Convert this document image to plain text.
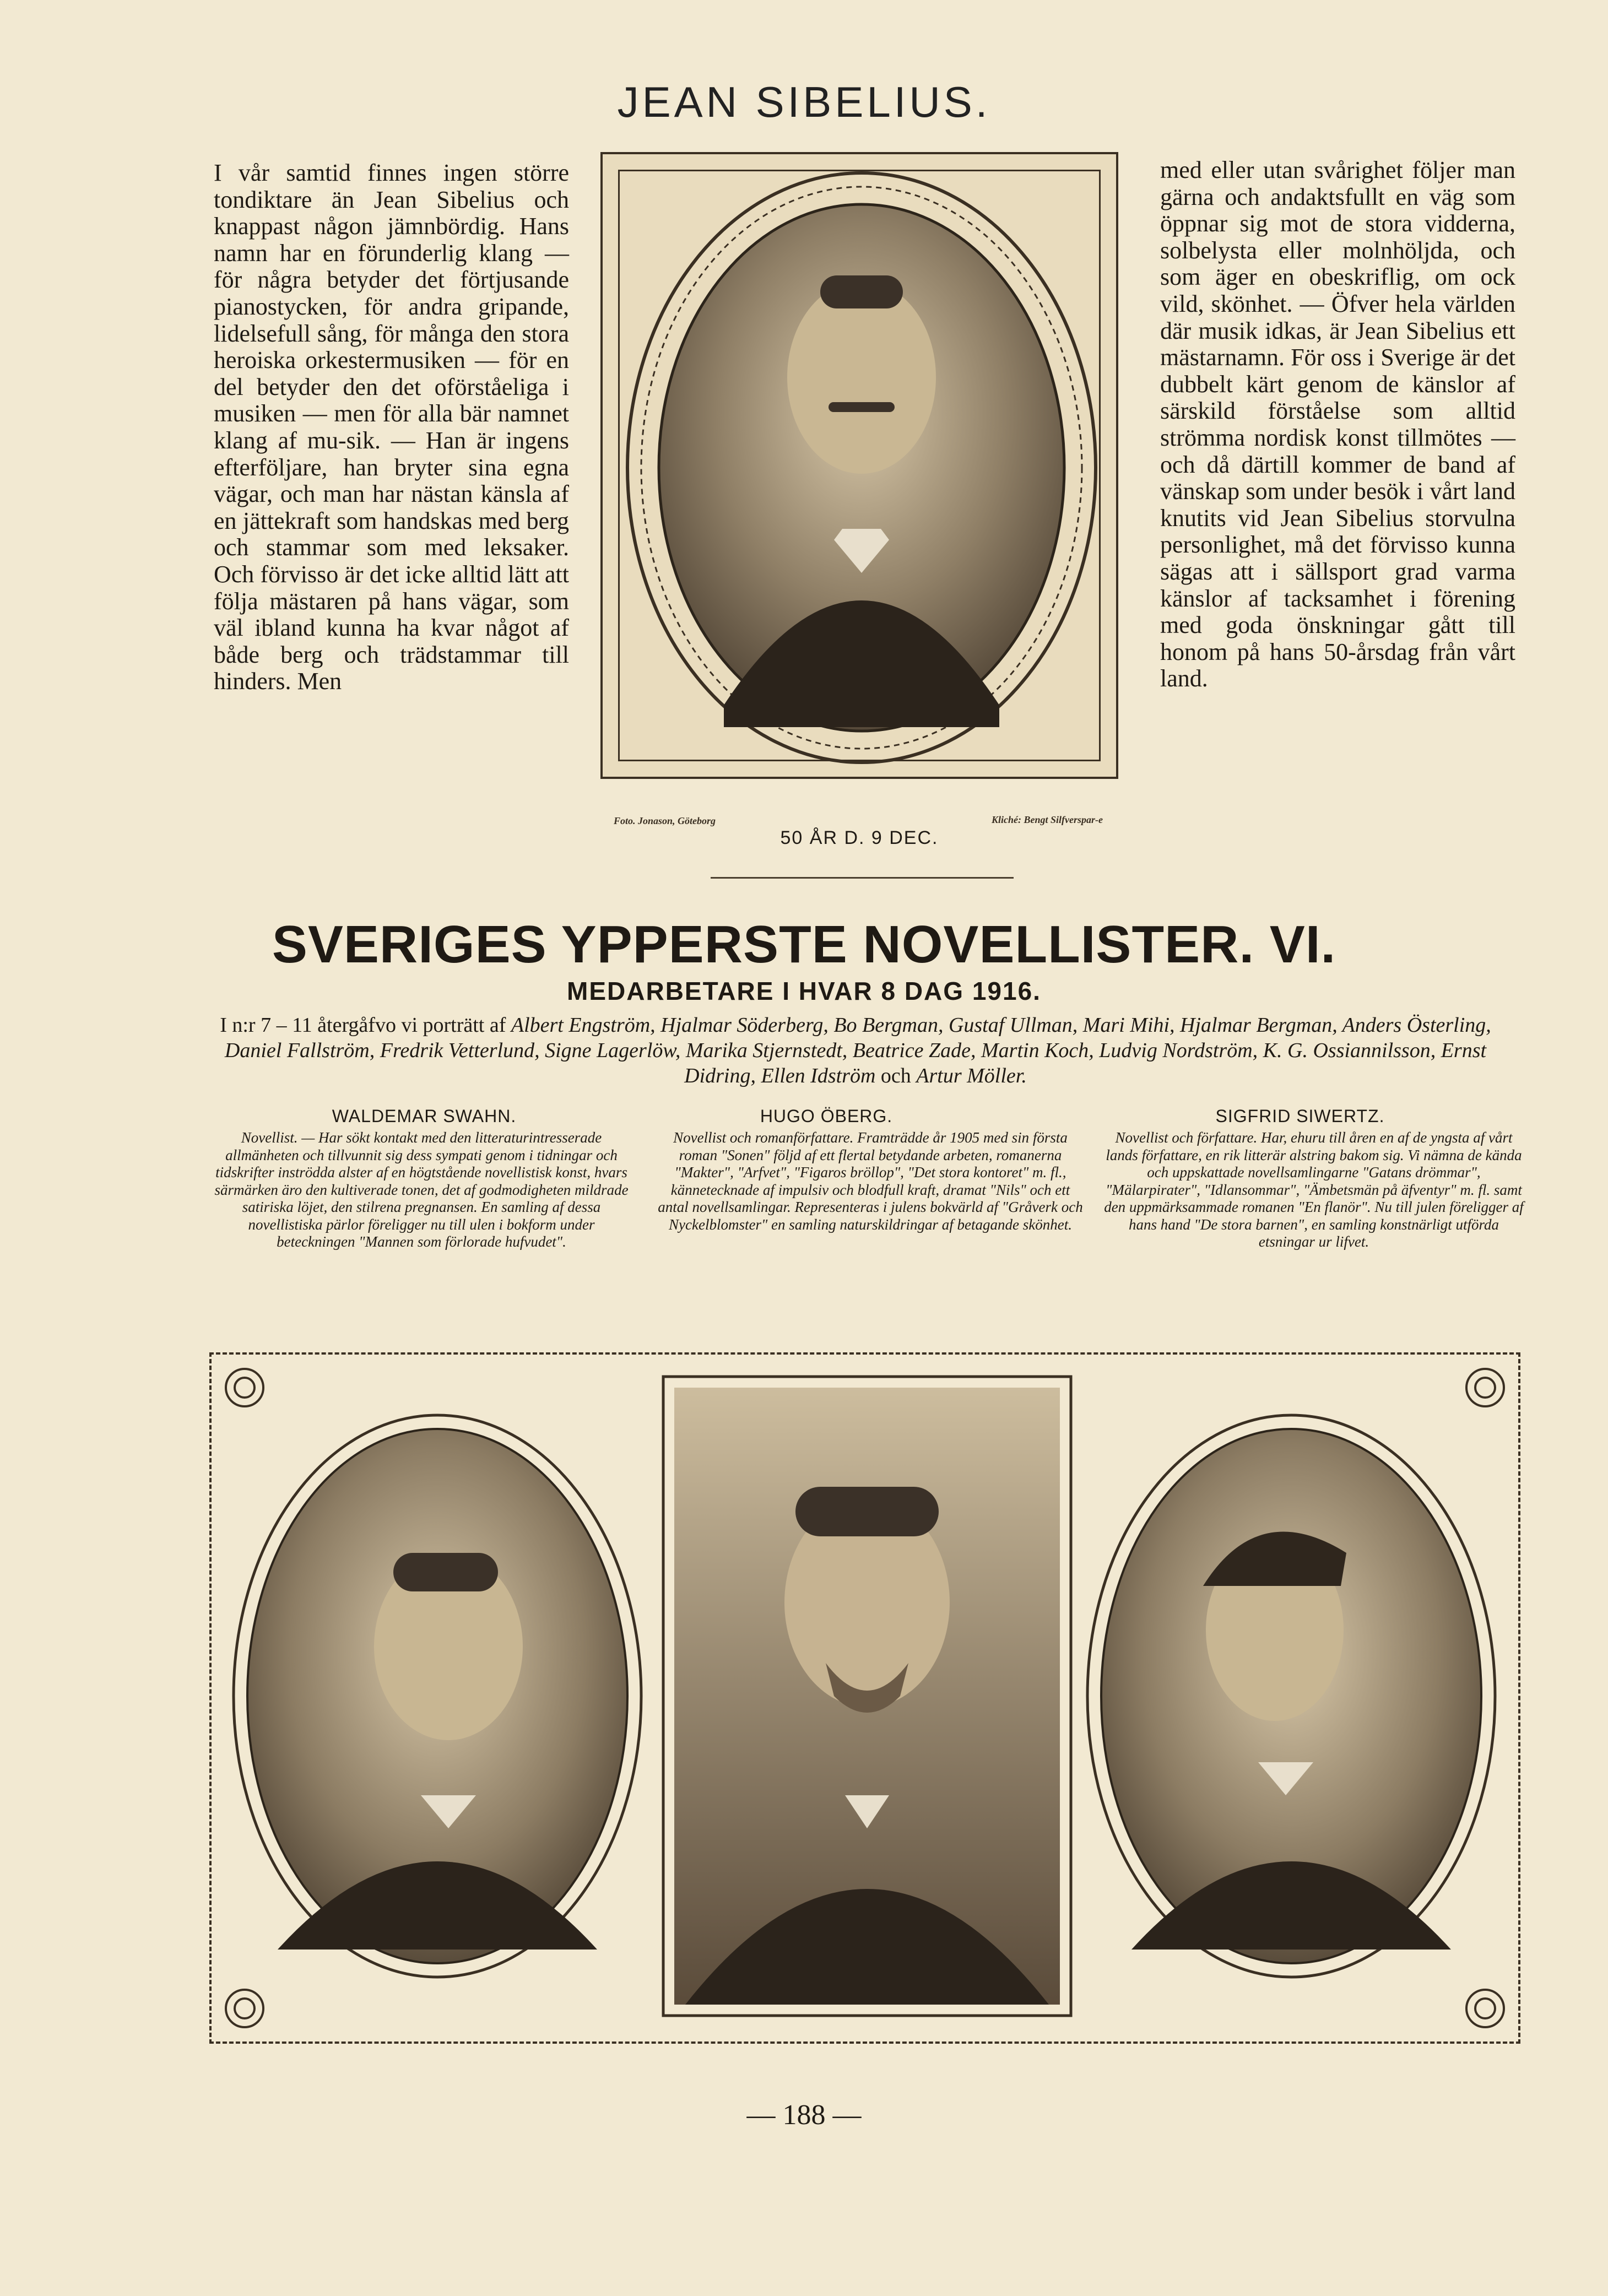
JEAN SIBELIUS.
I vår samtid finnes ingen större tondiktare än Jean Sibelius och knappast någon jämnbördig. Hans namn har en förunderlig klang — för några betyder det förtjusande pianostycken, för andra gripande, lidelsefull sång, för många den stora heroiska orkestermusiken — för en del betyder den det oförståeliga i musiken — men för alla bär namnet klang af mu-sik. — Han är ingens efterföljare, han bryter sina egna vägar, och man har nästan känsla af en jättekraft som handskas med berg och stammar som med leksaker. Och förvisso är det icke alltid lätt att följa mästaren på hans vägar, som väl ibland kunna ha kvar något af både berg och trädstammar till hinders. Men
med eller utan svårighet följer man gärna och andaktsfullt en väg som öppnar sig mot de stora vidderna, solbelysta eller molnhöljda, och som äger en obeskriflig, om ock vild, skönhet. — Öfver hela världen där musik idkas, är Jean Sibelius ett mästarnamn. För oss i Sverige är det dubbelt kärt genom de känslor af särskild förståelse som alltid strömma nordisk konst tillmötes — och då därtill kommer de band af vänskap som under besök i vårt land knutits vid Jean Sibelius storvulna personlighet, må det förvisso kunna sägas att i sällsport grad varma känslor af tacksamhet i förening med goda önskningar gått till honom på hans 50-årsdag från vårt land.
Foto. Jonason, Göteborg	Kliché: Bengt Silfverspar-e
50 ÅR D. 9 DEC.
SVERIGES YPPERSTE NOVELLISTER. VI.
MEDARBETARE I HVAR 8 DAG 1916.
I n:r 7 – 11 återgåfvo vi porträtt af Albert Engström, Hjalmar Söderberg, Bo Bergman, Gustaf Ullman, Mari Mihi, Hjalmar Bergman, Anders Österling, Daniel Fallström, Fredrik Vetterlund, Signe Lagerlöw, Marika Stjernstedt, Beatrice Zade, Martin Koch, Ludvig Nordström, K. G. Ossiannilsson, Ernst Didring, Ellen Idström och Artur Möller.
WALDEMAR SWAHN.	HUGO ÖBERG.	SIGFRID SIWERTZ.
Novellist. — Har sökt kontakt med den litteraturintresserade allmänheten och tillvunnit sig dess sympati genom i tidningar och tidskrifter inströdda alster af en högtstående novellistisk konst, hvars särmärken äro den kultiverade tonen, det af godmodigheten mildrade satiriska löjet, den stilrena pregnansen. En samling af dessa novellistiska pärlor föreligger nu till ulen i bokform under beteckningen "Mannen som förlorade hufvudet".
Novellist och romanförfattare. Framträdde år 1905 med sin första roman "Sonen" följd af ett flertal betydande arbeten, romanerna "Makter", "Arfvet", "Figaros bröllop", "Det stora kontoret" m. fl., kännetecknade af impulsiv och blodfull kraft, dramat "Nils" och ett antal novellsamlingar. Representeras i julens bokvärld af "Gråverk och Nyckelblomster" en samling naturskildringar af betagande skönhet.
Novellist och författare. Har, ehuru till åren en af de yngsta af vårt lands författare, en rik litterär alstring bakom sig. Vi nämna de kända och uppskattade novellsamlingarne "Gatans drömmar", "Mälarpirater", "Idlansommar", "Ämbetsmän på äfventyr" m. fl. samt den uppmärksammade romanen "En flanör". Nu till julen föreligger af hans hand "De stora barnen", en samling konstnärligt utförda etsningar ur lifvet.
— 188 —
